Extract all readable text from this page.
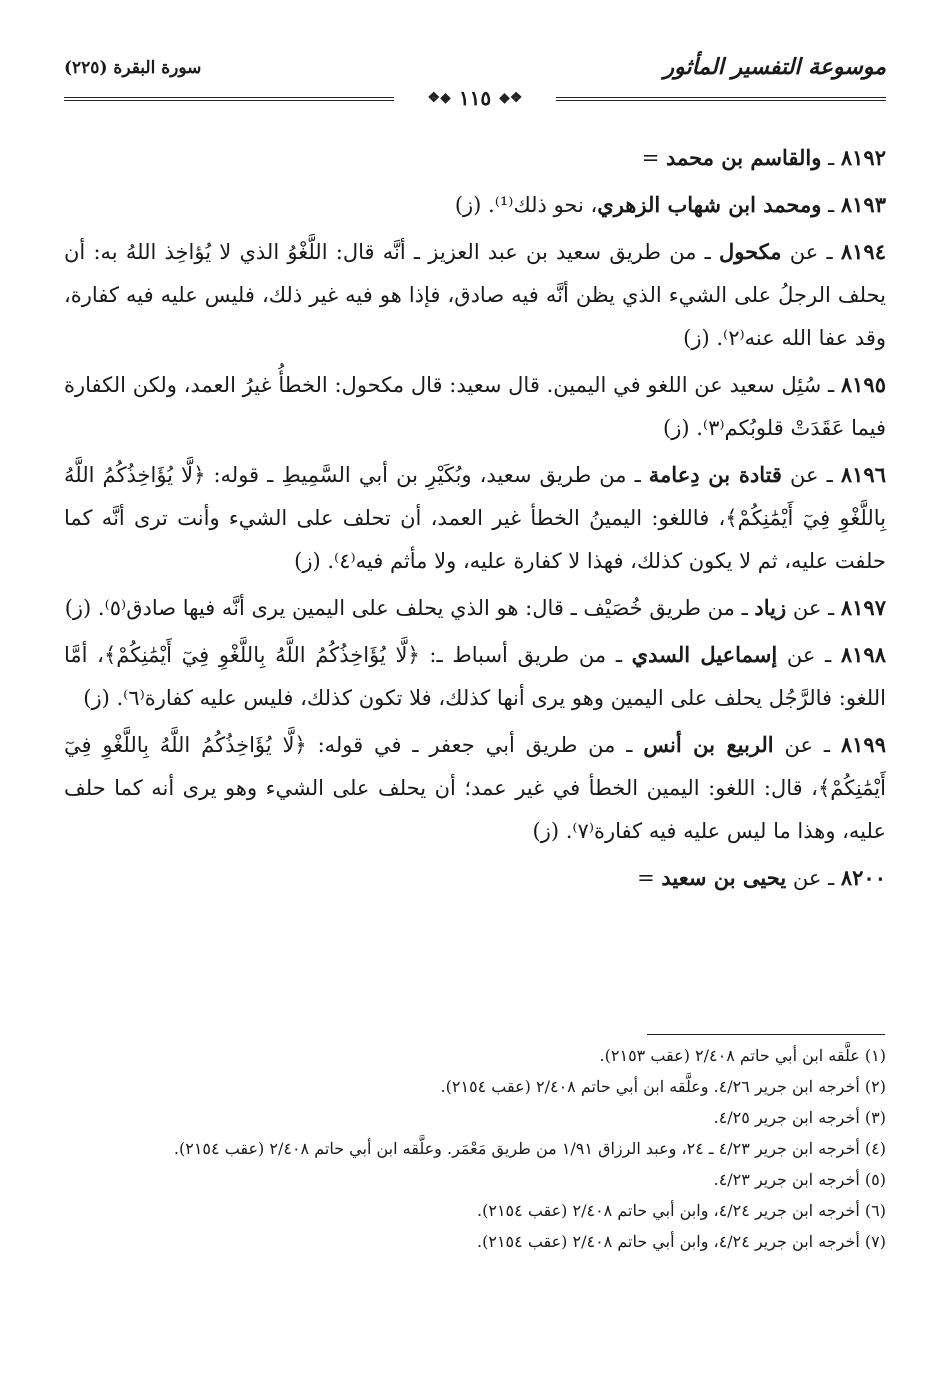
موسوعة التفسير المأثور
سورة البقرة (٢٢٥)
❖◆ ١١٥ ◆❖

٨١٩٢ ـ والقاسم بن محمد =

٨١٩٣ ـ ومحمد ابن شهاب الزهري، نحو ذلك⁽¹⁾. (ز)

٨١٩٤ ـ عن مكحول ـ من طريق سعيد بن عبد العزيز ـ أنَّه قال: اللَّغْوُ الذي لا يُؤاخِذ اللهُ به: أن يحلف الرجلُ على الشيء الذي يظن أنَّه فيه صادق، فإذا هو فيه غير ذلك، فليس عليه فيه كفارة، وقد عفا الله عنه⁽٢⁾. (ز)

٨١٩٥ ـ سُئِل سعيد عن اللغو في اليمين. قال سعيد: قال مكحول: الخطأُ غيرُ العمد، ولكن الكفارة فيما عَقَدَتْ قلوبُكم⁽٣⁾. (ز)

٨١٩٦ ـ عن قتادة بن دِعامة ـ من طريق سعيد، وبُكَيْرِ بن أبي السَّمِيطِ ـ قوله: ﴿لَّا يُؤَاخِذُكُمُ اللَّهُ بِاللَّغْوِ فِيٓ أَيْمَٰنِكُمْ﴾، فاللغو: اليمينُ الخطأ غير العمد، أن تحلف على الشيء وأنت ترى أنَّه كما حلفت عليه، ثم لا يكون كذلك، فهذا لا كفارة عليه، ولا مأثم فيه⁽٤⁾. (ز)

٨١٩٧ ـ عن زياد ـ من طريق خُصَيْف ـ قال: هو الذي يحلف على اليمين يرى أنَّه فيها صادق⁽٥⁾. (ز)

٨١٩٨ ـ عن إسماعيل السدي ـ من طريق أسباط ـ: ﴿لَّا يُؤَاخِذُكُمُ اللَّهُ بِاللَّغْوِ فِيٓ أَيْمَٰنِكُمْ﴾، أمَّا اللغو: فالرَّجُل يحلف على اليمين وهو يرى أنها كذلك، فلا تكون كذلك، فليس عليه كفارة⁽٦⁾. (ز)

٨١٩٩ ـ عن الربيع بن أنس ـ من طريق أبي جعفر ـ في قوله: ﴿لَّا يُؤَاخِذُكُمُ اللَّهُ بِاللَّغْوِ فِيٓ أَيْمَٰنِكُمْ﴾، قال: اللغو: اليمين الخطأ في غير عمد؛ أن يحلف على الشيء وهو يرى أنه كما حلف عليه، وهذا ما ليس عليه فيه كفارة⁽٧⁾. (ز)

٨٢٠٠ ـ عن يحيى بن سعيد =

(١) علَّقه ابن أبي حاتم ٢/٤٠٨ (عقب ٢١٥٣).

(٢) أخرجه ابن جرير ٤/٢٦. وعلَّقه ابن أبي حاتم ٢/٤٠٨ (عقب ٢١٥٤).

(٣) أخرجه ابن جرير ٤/٢٥.

(٤) أخرجه ابن جرير ٤/٢٣ ـ ٢٤، وعبد الرزاق ١/٩١ من طريق مَعْمَر. وعلَّقه ابن أبي حاتم ٢/٤٠٨ (عقب ٢١٥٤).

(٥) أخرجه ابن جرير ٤/٢٣.

(٦) أخرجه ابن جرير ٤/٢٤، وابن أبي حاتم ٢/٤٠٨ (عقب ٢١٥٤).

(٧) أخرجه ابن جرير ٤/٢٤، وابن أبي حاتم ٢/٤٠٨ (عقب ٢١٥٤).
